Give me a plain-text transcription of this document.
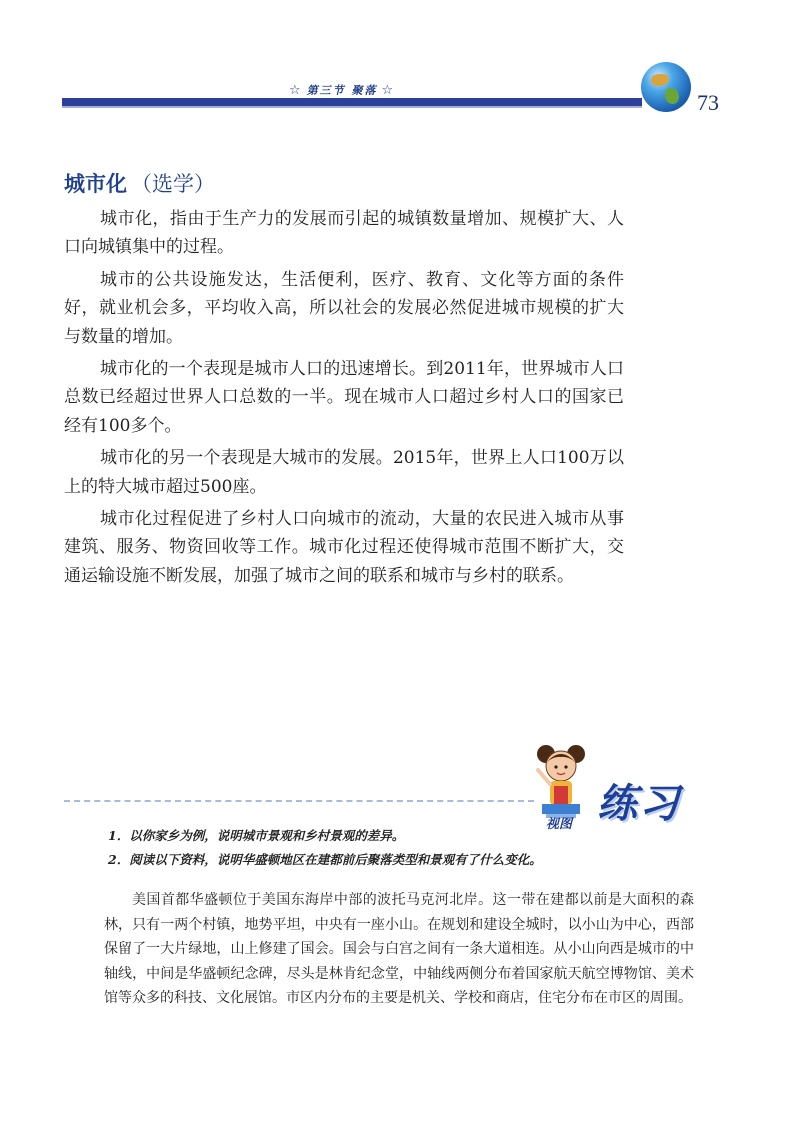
☆ 第三节 聚落 ☆	73
城市化 （选学）

城市化，指由于生产力的发展而引起的城镇数量增加、规模扩大、人口向城镇集中的过程。

城市的公共设施发达，生活便利，医疗、教育、文化等方面的条件好，就业机会多，平均收入高，所以社会的发展必然促进城市规模的扩大与数量的增加。

城市化的一个表现是城市人口的迅速增长。到2011年，世界城市人口总数已经超过世界人口总数的一半。现在城市人口超过乡村人口的国家已经有100多个。

城市化的另一个表现是大城市的发展。2015年，世界上人口100万以上的特大城市超过500座。

城市化过程促进了乡村人口向城市的流动，大量的农民进入城市从事建筑、服务、物资回收等工作。城市化过程还使得城市范围不断扩大，交通运输设施不断发展，加强了城市之间的联系和城市与乡村的联系。

视图 练习
1．以你家乡为例，说明城市景观和乡村景观的差异。
2．阅读以下资料，说明华盛顿地区在建都前后聚落类型和景观有了什么变化。
美国首都华盛顿位于美国东海岸中部的波托马克河北岸。这一带在建都以前是大面积的森林，只有一两个村镇，地势平坦，中央有一座小山。在规划和建设全城时，以小山为中心，西部保留了一大片绿地，山上修建了国会。国会与白宫之间有一条大道相连。从小山向西是城市的中轴线，中间是华盛顿纪念碑，尽头是林肯纪念堂，中轴线两侧分布着国家航天航空博物馆、美术馆等众多的科技、文化展馆。市区内分布的主要是机关、学校和商店，住宅分布在市区的周围。
